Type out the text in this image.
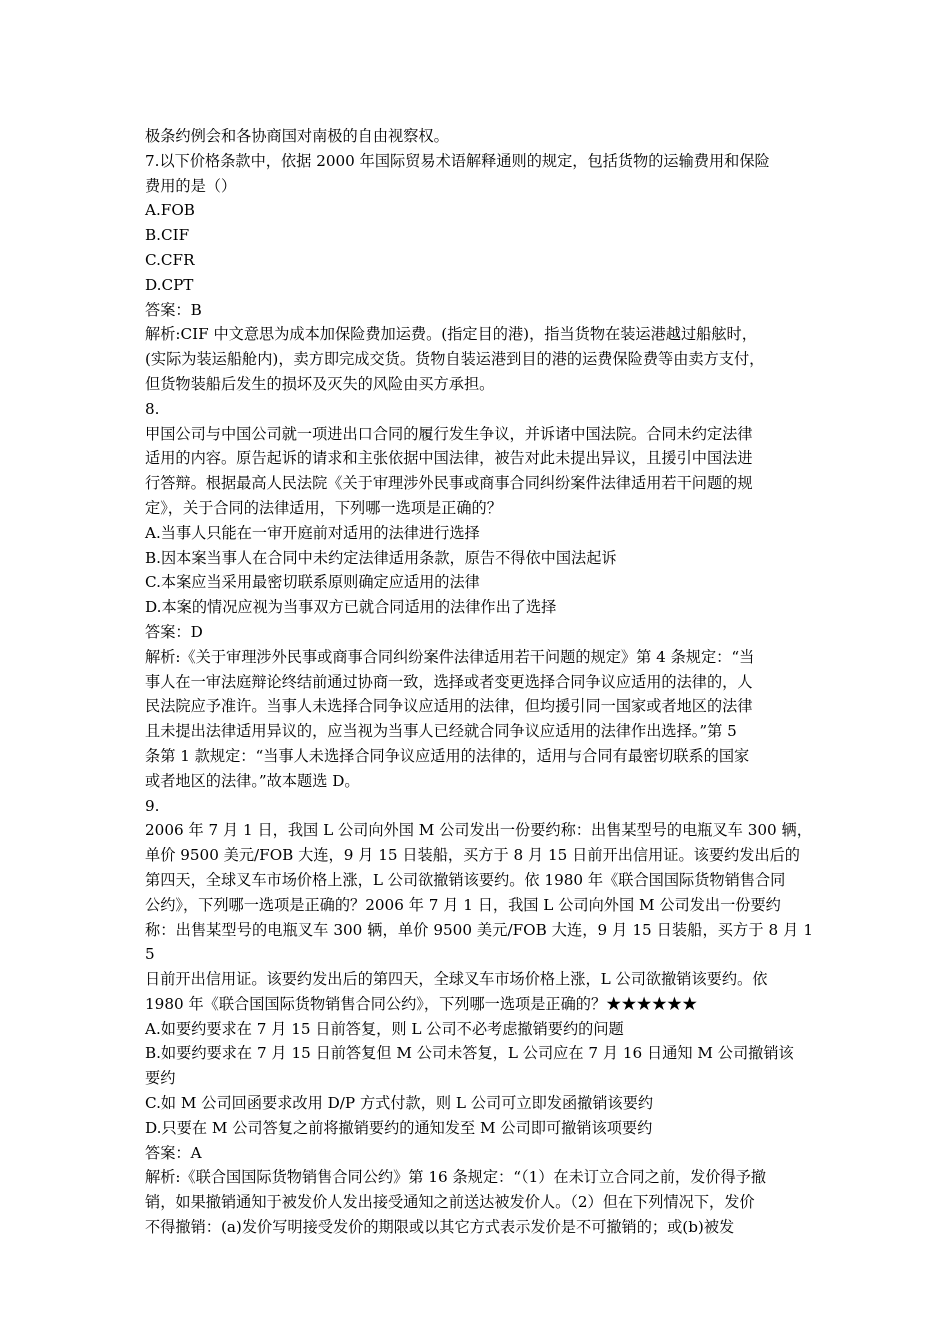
极条约例会和各协商国对南极的自由视察权。
7.以下价格条款中，依据 2000 年国际贸易术语解释通则的规定，包括货物的运输费用和保险
费用的是（）
A.FOB
B.CIF
C.CFR
D.CPT
答案：B
解析:CIF 中文意思为成本加保险费加运费。(指定目的港)，指当货物在装运港越过船舷时，
(实际为装运船舱内)，卖方即完成交货。货物自装运港到目的港的运费保险费等由卖方支付，
但货物装船后发生的损坏及灭失的风险由买方承担。
8.
甲国公司与中国公司就一项进出口合同的履行发生争议，并诉诸中国法院。合同未约定法律
适用的内容。原告起诉的请求和主张依据中国法律，被告对此未提出异议，且援引中国法进
行答辩。根据最高人民法院《关于审理涉外民事或商事合同纠纷案件法律适用若干问题的规
定》，关于合同的法律适用，下列哪一选项是正确的？
A.当事人只能在一审开庭前对适用的法律进行选择
B.因本案当事人在合同中未约定法律适用条款，原告不得依中国法起诉
C.本案应当采用最密切联系原则确定应适用的法律
D.本案的情况应视为当事双方已就合同适用的法律作出了选择
答案：D
解析:《关于审理涉外民事或商事合同纠纷案件法律适用若干问题的规定》第 4 条规定：“当
事人在一审法庭辩论终结前通过协商一致，选择或者变更选择合同争议应适用的法律的，人
民法院应予准许。当事人未选择合同争议应适用的法律，但均援引同一国家或者地区的法律
且未提出法律适用异议的，应当视为当事人已经就合同争议应适用的法律作出选择。”第 5
条第 1 款规定：“当事人未选择合同争议应适用的法律的，适用与合同有最密切联系的国家
或者地区的法律。”故本题选 D。
9.
2006 年 7 月 1 日，我国 L 公司向外国 M 公司发出一份要约称：出售某型号的电瓶叉车 300 辆，
单价 9500 美元/FOB 大连，9 月 15 日装船，买方于 8 月 15 日前开出信用证。该要约发出后的
第四天，全球叉车市场价格上涨，L 公司欲撤销该要约。依 1980 年《联合国国际货物销售合同
公约》，下列哪一选项是正确的？2006 年 7 月 1 日，我国 L 公司向外国 M 公司发出一份要约
称：出售某型号的电瓶叉车 300 辆，单价 9500 美元/FOB 大连，9 月 15 日装船，买方于 8 月 15
日前开出信用证。该要约发出后的第四天，全球叉车市场价格上涨，L 公司欲撤销该要约。依
1980 年《联合国国际货物销售合同公约》，下列哪一选项是正确的？★★★★★★
A.如要约要求在 7 月 15 日前答复，则 L 公司不必考虑撤销要约的问题
B.如要约要求在 7 月 15 日前答复但 M 公司未答复，L 公司应在 7 月 16 日通知 M 公司撤销该
要约
C.如 M 公司回函要求改用 D/P 方式付款，则 L 公司可立即发函撤销该要约
D.只要在 M 公司答复之前将撤销要约的通知发至 M 公司即可撤销该项要约
答案：A
解析:《联合国国际货物销售合同公约》第 16 条规定：“（1）在未订立合同之前，发价得予撤
销，如果撤销通知于被发价人发出接受通知之前送达被发价人。（2）但在下列情况下，发价
不得撤销：(a)发价写明接受发价的期限或以其它方式表示发价是不可撤销的；或(b)被发
